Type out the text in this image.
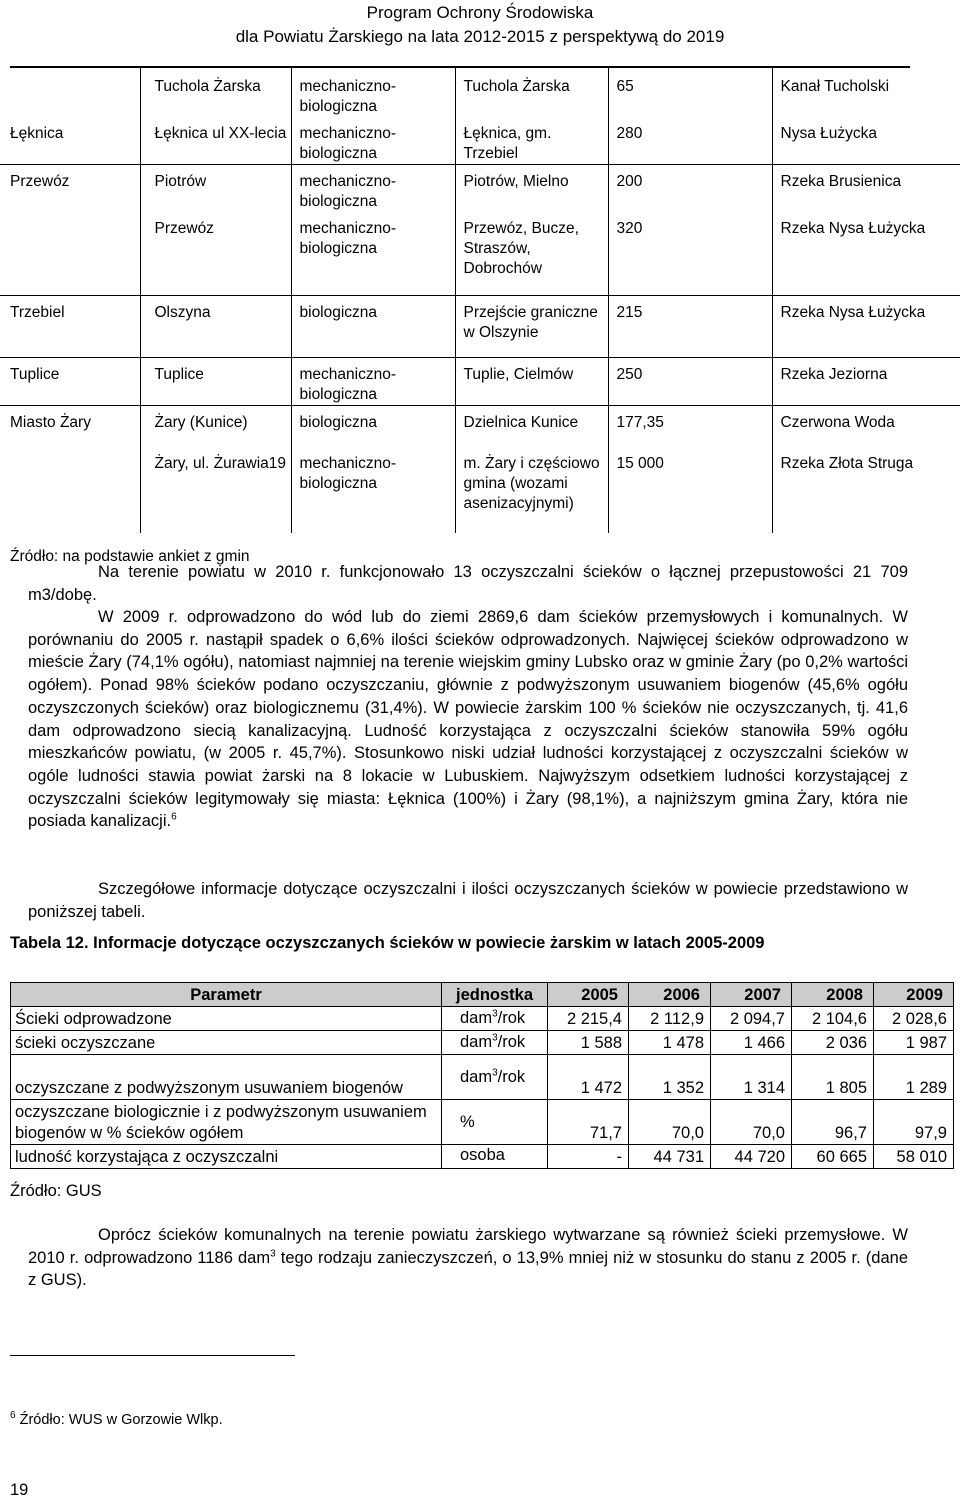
Program Ochrony Środowiska
dla Powiatu Żarskiego na lata 2012-2015 z perspektywą do 2019
	Tuchola Żarska	mechaniczno-biologiczna	Tuchola Żarska	65	Kanał Tucholski
Łęknica	Łęknica ul XX-lecia	mechaniczno-biologiczna	Łęknica, gm. Trzebiel	280	Nysa Łużycka
Przewóz	Piotrów	mechaniczno-biologiczna	Piotrów, Mielno	200	Rzeka Brusienica
	Przewóz	mechaniczno-biologiczna	Przewóz, Bucze, Straszów, Dobrochów	320	Rzeka Nysa Łużycka
Trzebiel	Olszyna	biologiczna	Przejście graniczne w Olszynie	215	Rzeka Nysa Łużycka
Tuplice	Tuplice	mechaniczno-biologiczna	Tuplie, Cielmów	250	Rzeka Jeziorna
Miasto Żary	Żary (Kunice)	biologiczna	Dzielnica Kunice	177,35	Czerwona Woda
	Żary, ul. Żurawia19	mechaniczno-biologiczna	m. Żary i częściowo gmina (wozami asenizacyjnymi)	15 000	Rzeka Złota Struga
Źródło: na podstawie ankiet z gmin					
Na terenie powiatu w 2010 r. funkcjonowało 13 oczyszczalni ścieków o łącznej przepustowości 21 709 m3/dobę.
W 2009 r. odprowadzono do wód lub do ziemi 2869,6 dam ścieków przemysłowych i komunalnych. W porównaniu do 2005 r. nastąpił spadek o 6,6% ilości ścieków odprowadzonych. Najwięcej ścieków odprowadzono w mieście Żary (74,1% ogółu), natomiast najmniej na terenie wiejskim gminy Lubsko oraz w gminie Żary (po 0,2% wartości ogółem). Ponad 98% ścieków podano oczyszczaniu, głównie z podwyższonym usuwaniem biogenów (45,6% ogółu oczyszczonych ścieków) oraz biologicznemu (31,4%). W powiecie żarskim 100 % ścieków nie oczyszczanych, tj. 41,6 dam odprowadzono siecią kanalizacyjną. Ludność korzystająca z oczyszczalni ścieków stanowiła 59% ogółu mieszkańców powiatu, (w 2005 r. 45,7%). Stosunkowo niski udział ludności korzystającej z oczyszczalni ścieków w ogóle ludności stawia powiat żarski na 8 lokacie w Lubuskiem. Najwyższym odsetkiem ludności korzystającej z oczyszczalni ścieków legitymowały się miasta: Łęknica (100%) i Żary (98,1%), a najniższym gmina Żary, która nie posiada kanalizacji.$^6$
Szczegółowe informacje dotyczące oczyszczalni i ilości oczyszczanych ścieków w powiecie przedstawiono w poniższej tabeli.
Tabela 12. Informacje dotyczące oczyszczanych ścieków w powiecie żarskim w latach 2005-2009
Parametr	jednostka	2005	2006	2007	2008	2009
Ścieki odprowadzone	dam$^3$/rok	2 215,4	2 112,9	2 094,7	2 104,6	2 028,6
ścieki oczyszczane	dam$^3$/rok	1 588	1 478	1 466	2 036	1 987
oczyszczane z podwyższonym usuwaniem biogenów	dam$^3$/rok	1 472	1 352	1 314	1 805	1 289
oczyszczane biologicznie i z podwyższonym usuwaniem biogenów w % ścieków ogółem	%	71,7	70,0	70,0	96,7	97,9
ludność korzystająca z oczyszczalni	osoba	-	44 731	44 720	60 665	58 010
Źródło: GUS
Oprócz ścieków komunalnych na terenie powiatu żarskiego wytwarzane są również ścieki przemysłowe. W 2010 r. odprowadzono 1186 dam$^3$ tego rodzaju zanieczyszczeń, o 13,9% mniej niż w stosunku do stanu z 2005 r. (dane z GUS).
$^6$ Źródło: WUS w Gorzowie Wlkp.
19
